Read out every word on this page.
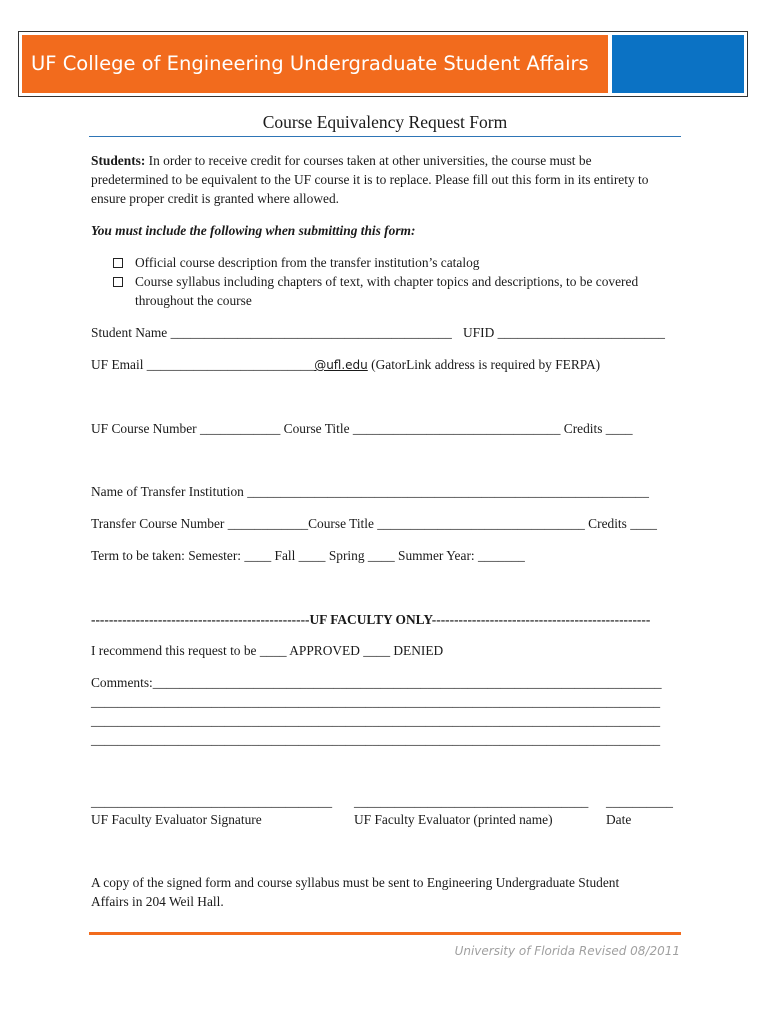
UF College of Engineering Undergraduate Student Affairs
Course Equivalency Request Form
Students: In order to receive credit for courses taken at other universities, the course must be
predetermined to be equivalent to the UF course it is to replace. Please fill out this form in its entirety to
ensure proper credit is granted where allowed.
You must include the following when submitting this form:
Official course description from the transfer institution’s catalog
Course syllabus including chapters of text, with chapter topics and descriptions, to be covered
throughout the course
Student Name __________________________________________ UFID _________________________
UF Email _________________________@ufl.edu (GatorLink address is required by FERPA)
UF Course Number ____________ Course Title _______________________________ Credits ____
Name of Transfer Institution ____________________________________________________________
Transfer Course Number ____________Course Title _______________________________ Credits ____
Term to be taken: Semester: ____ Fall ____ Spring ____ Summer Year: _______
-------------------------------------------------UF FACULTY ONLY-------------------------------------------------
I recommend this request to be ____ APPROVED ____ DENIED
Comments:____________________________________________________________________________
_____________________________________________________________________________________
_____________________________________________________________________________________
_____________________________________________________________________________________
____________________________________ ___________________________________ __________
UF Faculty Evaluator Signature	UF Faculty Evaluator (printed name)	Date
A copy of the signed form and course syllabus must be sent to Engineering Undergraduate Student
Affairs in 204 Weil Hall.
University of Florida Revised 08/2011
